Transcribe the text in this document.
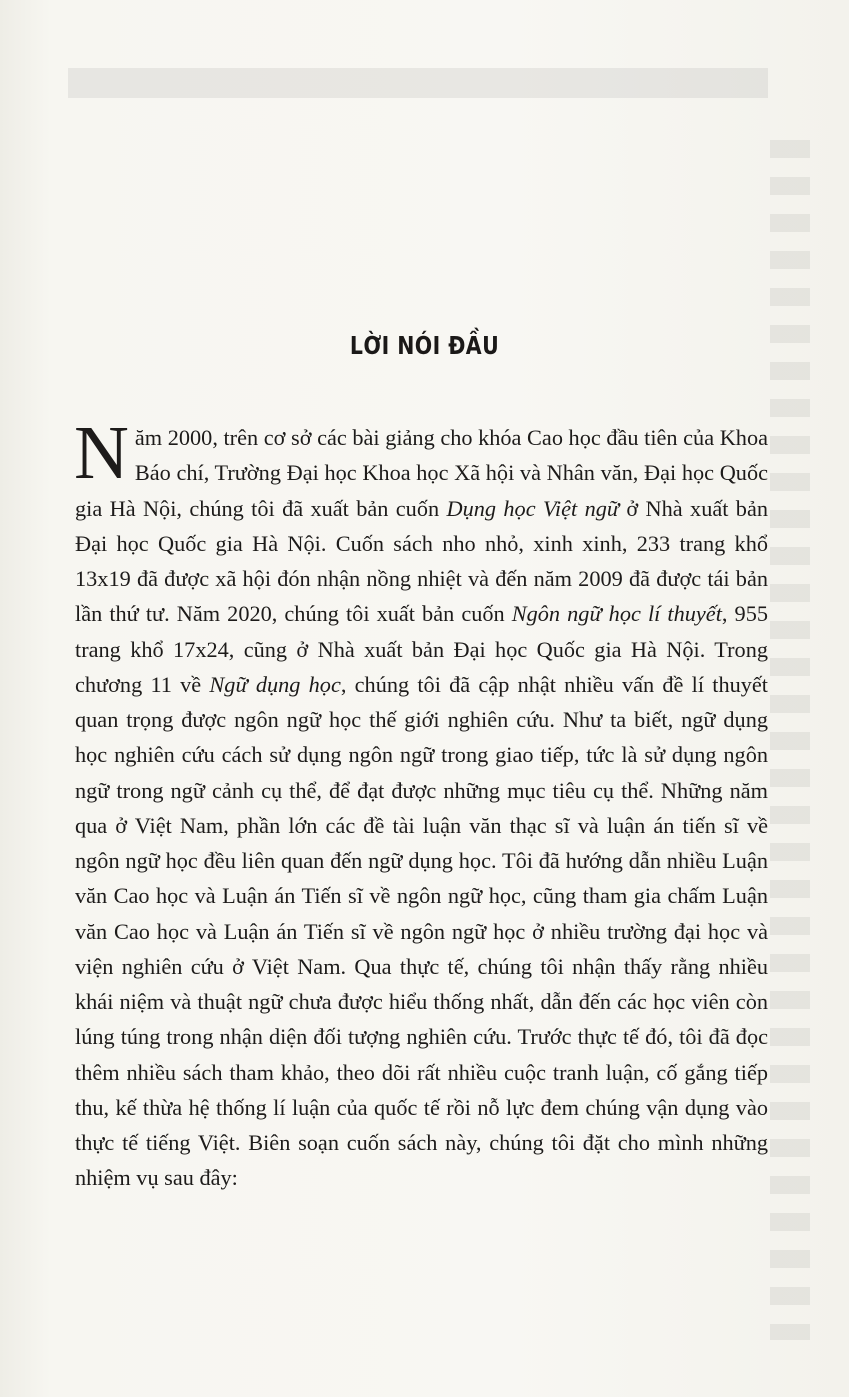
LỜI NÓI ĐẦU

Năm 2000, trên cơ sở các bài giảng cho khóa Cao học đầu tiên của Khoa Báo chí, Trường Đại học Khoa học Xã hội và Nhân văn, Đại học Quốc gia Hà Nội, chúng tôi đã xuất bản cuốn Dụng học Việt ngữ ở Nhà xuất bản Đại học Quốc gia Hà Nội. Cuốn sách nho nhỏ, xinh xinh, 233 trang khổ 13x19 đã được xã hội đón nhận nồng nhiệt và đến năm 2009 đã được tái bản lần thứ tư. Năm 2020, chúng tôi xuất bản cuốn Ngôn ngữ học lí thuyết, 955 trang khổ 17x24, cũng ở Nhà xuất bản Đại học Quốc gia Hà Nội. Trong chương 11 về Ngữ dụng học, chúng tôi đã cập nhật nhiều vấn đề lí thuyết quan trọng được ngôn ngữ học thế giới nghiên cứu. Như ta biết, ngữ dụng học nghiên cứu cách sử dụng ngôn ngữ trong giao tiếp, tức là sử dụng ngôn ngữ trong ngữ cảnh cụ thể, để đạt được những mục tiêu cụ thể. Những năm qua ở Việt Nam, phần lớn các đề tài luận văn thạc sĩ và luận án tiến sĩ về ngôn ngữ học đều liên quan đến ngữ dụng học. Tôi đã hướng dẫn nhiều Luận văn Cao học và Luận án Tiến sĩ về ngôn ngữ học, cũng tham gia chấm Luận văn Cao học và Luận án Tiến sĩ về ngôn ngữ học ở nhiều trường đại học và viện nghiên cứu ở Việt Nam. Qua thực tế, chúng tôi nhận thấy rằng nhiều khái niệm và thuật ngữ chưa được hiểu thống nhất, dẫn đến các học viên còn lúng túng trong nhận diện đối tượng nghiên cứu. Trước thực tế đó, tôi đã đọc thêm nhiều sách tham khảo, theo dõi rất nhiều cuộc tranh luận, cố gắng tiếp thu, kế thừa hệ thống lí luận của quốc tế rồi nỗ lực đem chúng vận dụng vào thực tế tiếng Việt. Biên soạn cuốn sách này, chúng tôi đặt cho mình những nhiệm vụ sau đây:
